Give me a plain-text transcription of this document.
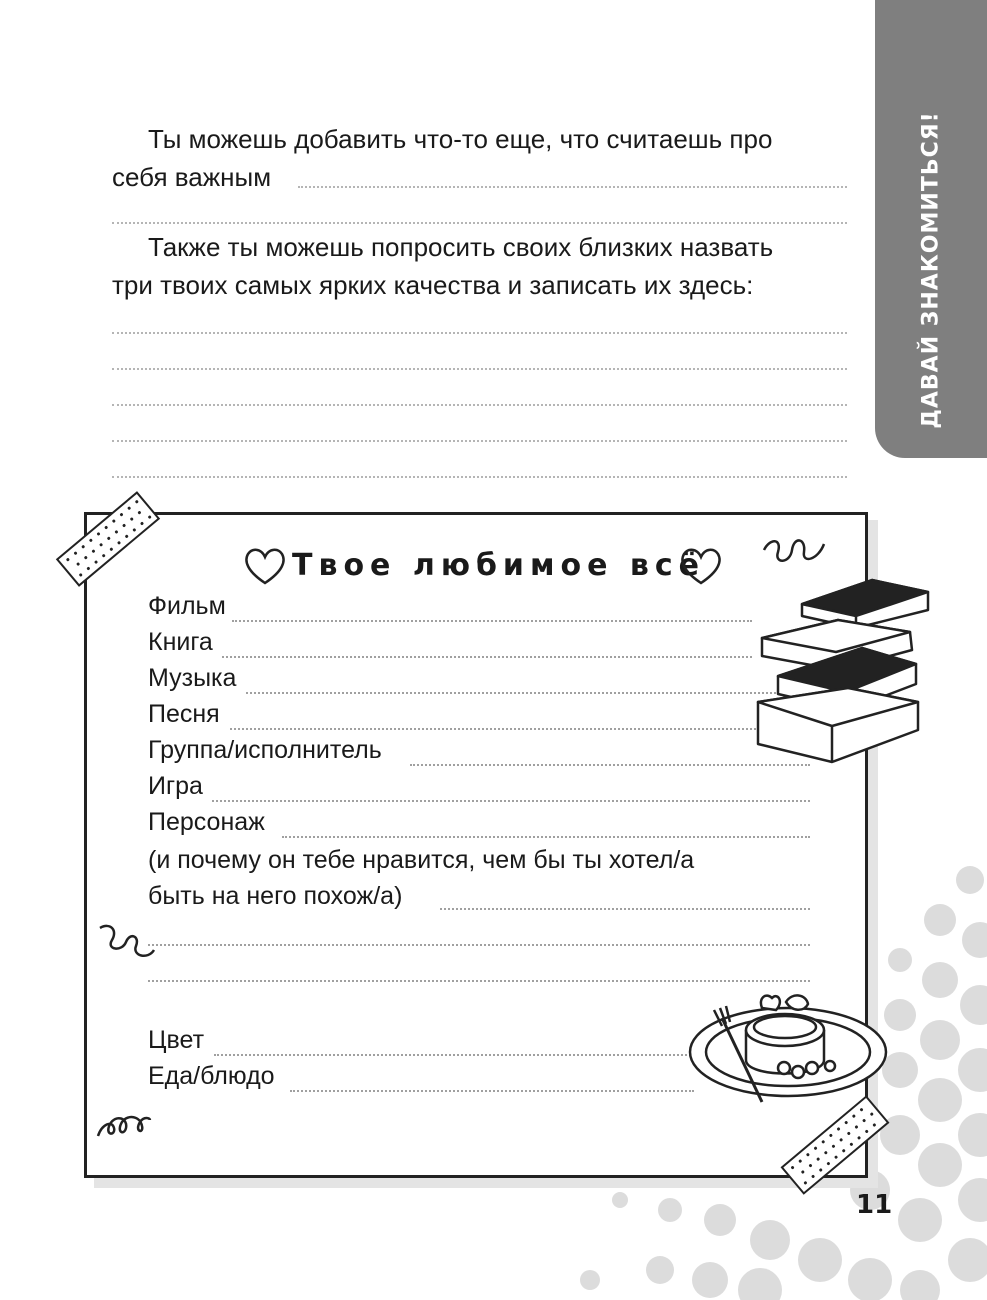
ДАВАЙ ЗНАКОМИТЬСЯ!
Ты можешь добавить что-то еще, что считаешь про
себя важным
Также ты можешь попросить своих близких назвать
три твоих самых ярких качества и записать их здесь:
Твое любимое всё
Фильм
Книга
Музыка
Песня
Группа/исполнитель
Игра
Персонаж
(и почему он тебе нравится, чем бы ты хотел/а
быть на него похож/а)
Цвет
Еда/блюдо
11
